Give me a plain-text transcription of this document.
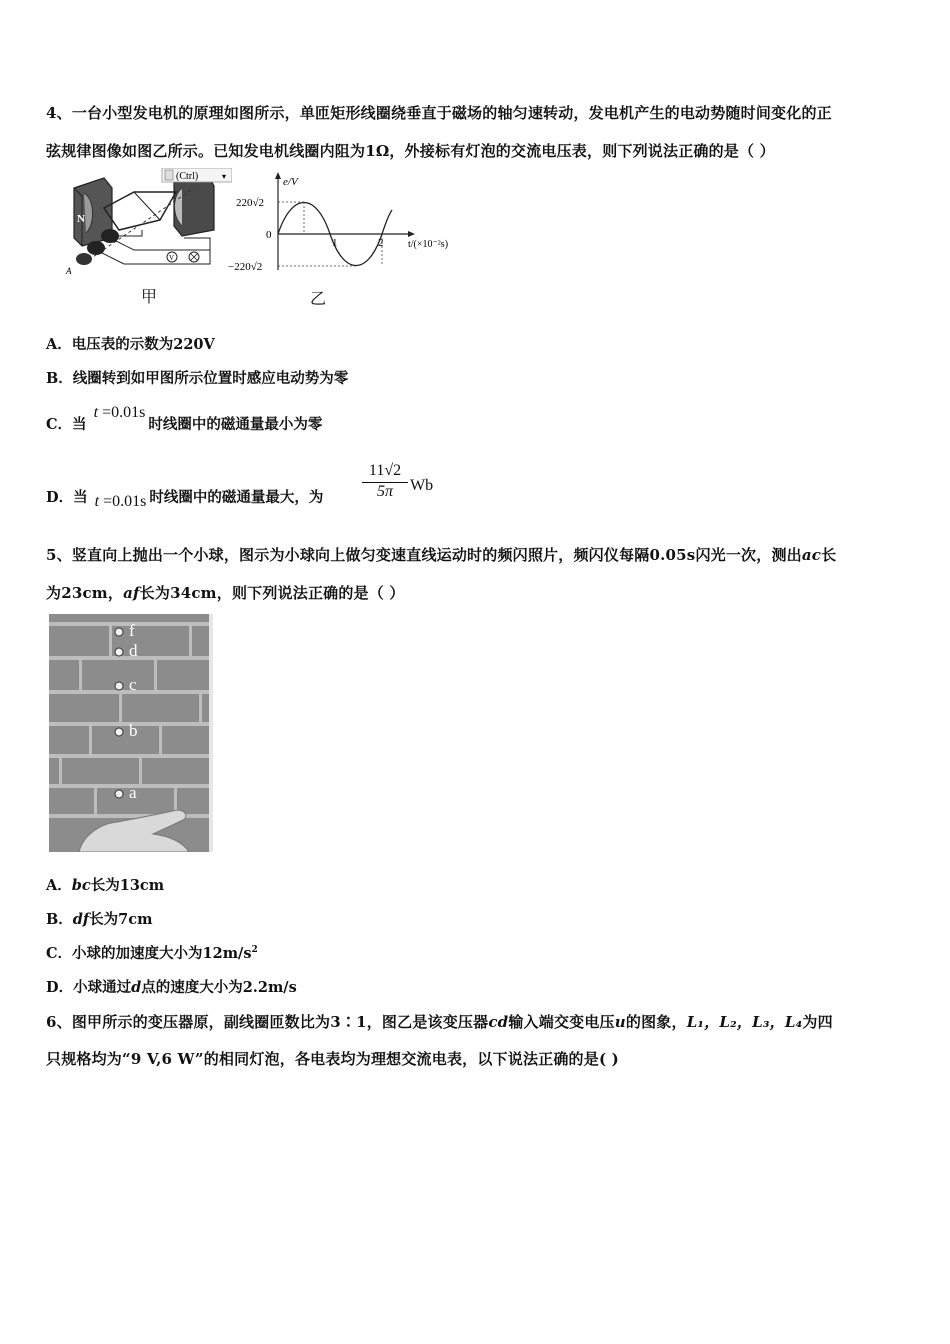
4、一台小型发电机的原理如图所示，单匝矩形线圈绕垂直于磁场的轴匀速转动，发电机产生的电动势随时间变化的正
弦规律图像如图乙所示。已知发电机线圈内阻为1Ω，外接标有灯泡的交流电压表，则下列说法正确的是（ ）
N
V
A
(Ctrl)	▾
甲
e/V
220√2
0
−220√2
1	2 t/(×10⁻²s)
乙
A．电压表的示数为220V
B．线圈转到如甲图所示位置时感应电动势为零
C．当 t =0.01s 时线圈中的磁通量最小为零
D．当 t =0.01s 时线圈中的磁通量最大，为 $\frac{11√2}{5\pi}$ Wb
5、竖直向上抛出一个小球，图示为小球向上做匀变速直线运动时的频闪照片，频闪仪每隔0.05s闪光一次，测出ac长
为23cm，af长为34cm，则下列说法正确的是（ ）
f
d
c
b
a
A．bc长为13cm
B．df长为7cm
C．小球的加速度大小为$12m/s^2$
D．小球通过d点的速度大小为2.2m/s
6、图甲所示的变压器原，副线圈匝数比为3∶1，图乙是该变压器cd输入端交变电压u的图象，L₁，L₂，L₃，L₄为四
只规格均为“9 V,6 W”的相同灯泡，各电表均为理想交流电表，以下说法正确的是( )
